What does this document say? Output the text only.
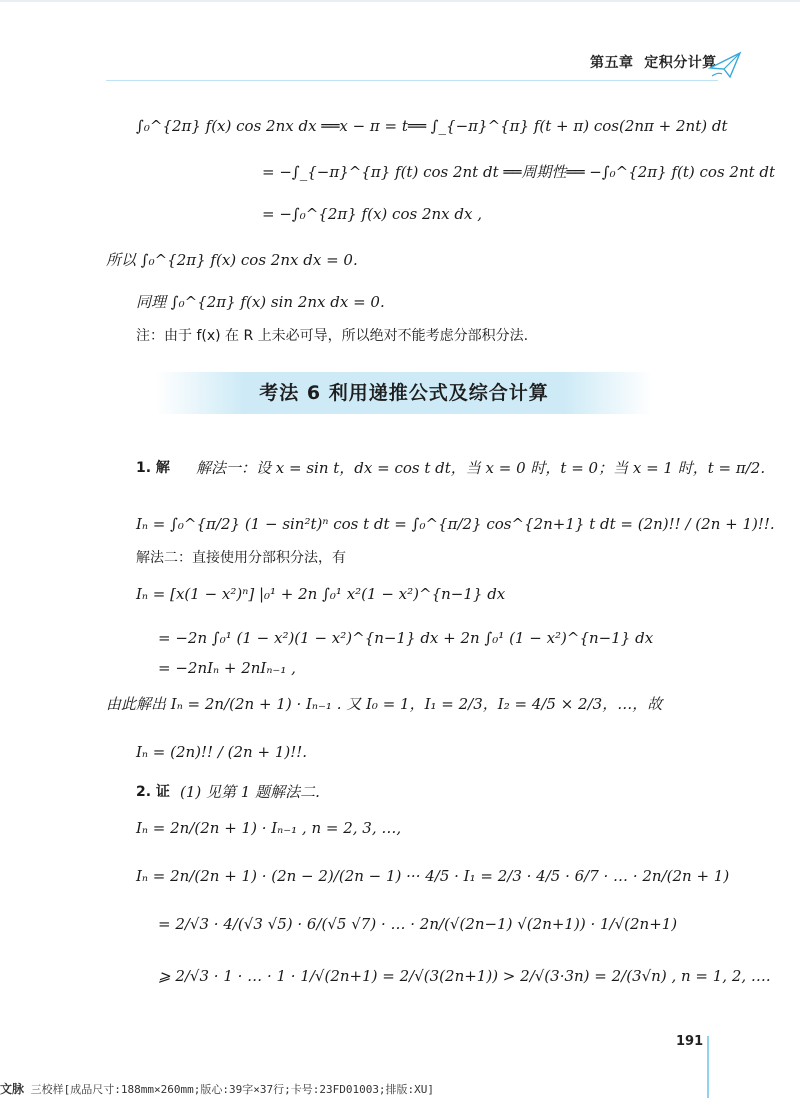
第五章 定积分计算
∫₀^{2π} f(x) cos 2nx dx ══x − π = t══ ∫_{−π}^{π} f(t + π) cos(2nπ + 2nt) dt
= −∫_{−π}^{π} f(t) cos 2nt dt ══周期性══ −∫₀^{2π} f(t) cos 2nt dt
= −∫₀^{2π} f(x) cos 2nx dx ,
所以 ∫₀^{2π} f(x) cos 2nx dx = 0.
同理 ∫₀^{2π} f(x) sin 2nx dx = 0.
注：由于 f(x) 在 R 上未必可导，所以绝对不能考虑分部积分法.
考法 6 利用递推公式及综合计算
1. 解 解法一：设 x = sin t，dx = cos t dt，当 x = 0 时，t = 0；当 x = 1 时，t = π/2.
Iₙ = ∫₀^{π/2} (1 − sin²t)ⁿ cos t dt = ∫₀^{π/2} cos^{2n+1} t dt = (2n)!! / (2n + 1)!!.
解法二：直接使用分部积分法，有
Iₙ = [x(1 − x²)ⁿ] |₀¹ + 2n ∫₀¹ x²(1 − x²)^{n−1} dx
= −2n ∫₀¹ (1 − x²)(1 − x²)^{n−1} dx + 2n ∫₀¹ (1 − x²)^{n−1} dx
= −2nIₙ + 2nIₙ₋₁ ,
由此解出 Iₙ = 2n/(2n + 1) · Iₙ₋₁ . 又 I₀ = 1，I₁ = 2/3，I₂ = 4/5 × 2/3，…，故
Iₙ = (2n)!! / (2n + 1)!!.
2. 证 (1) 见第 1 题解法二.
Iₙ = 2n/(2n + 1) · Iₙ₋₁ , n = 2, 3, …,
Iₙ = 2n/(2n + 1) · (2n − 2)/(2n − 1) ··· 4/5 · I₁ = 2/3 · 4/5 · 6/7 · … · 2n/(2n + 1)
= 2/√3 · 4/(√3 √5) · 6/(√5 √7) · … · 2n/(√(2n−1) √(2n+1)) · 1/√(2n+1)
⩾ 2/√3 · 1 · … · 1 · 1/√(2n+1) = 2/√(3(2n+1)) > 2/√(3·3n) = 2/(3√n) , n = 1, 2, ….
191
文脉 三校样[成品尺寸:188mm×260mm;版心:39字×37行;卡号:23FD01003;排版:XU]
